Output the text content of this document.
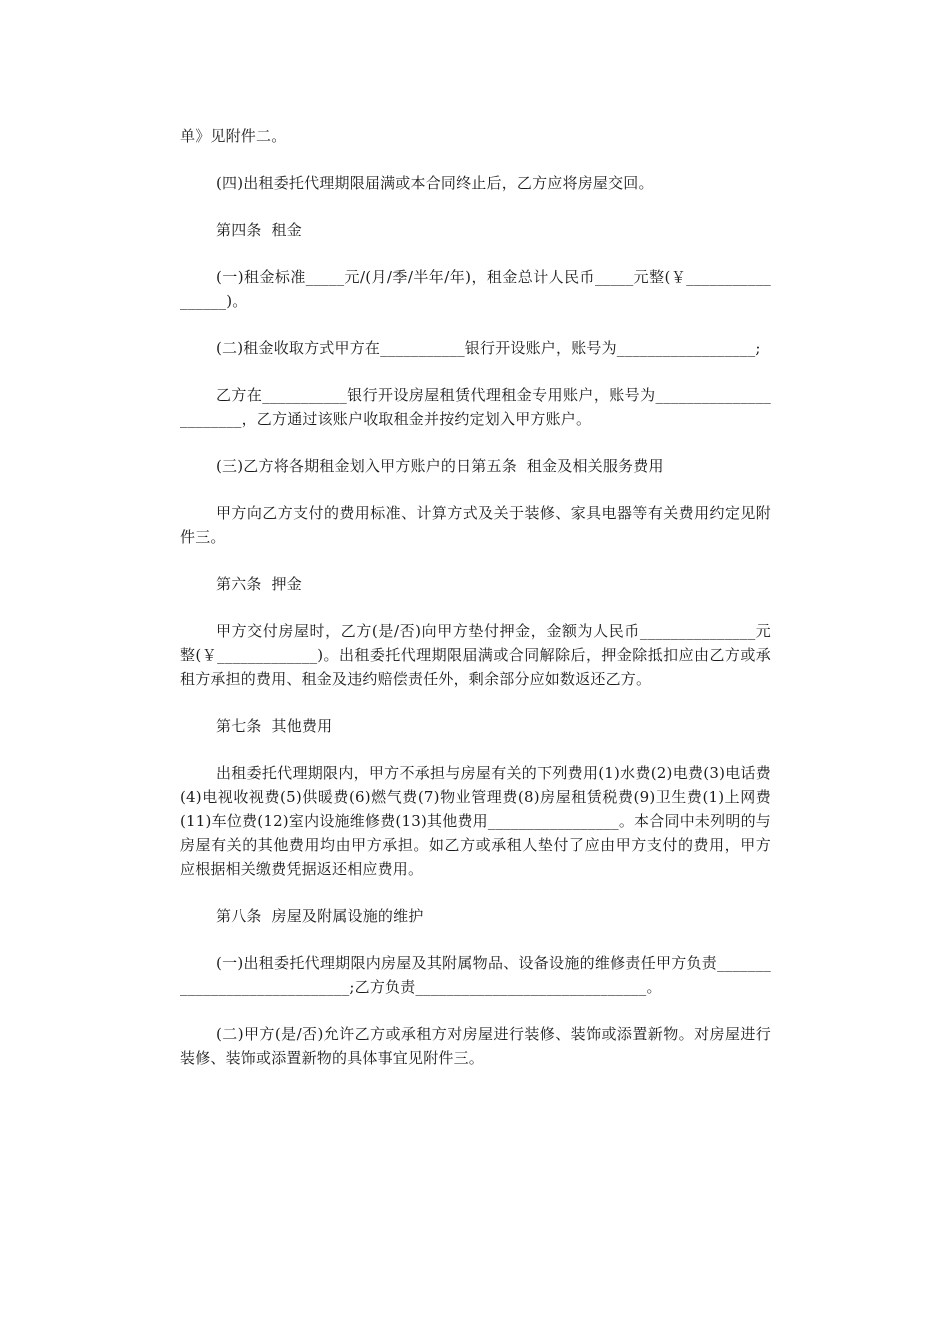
单》见附件二。

(四)出租委托代理期限届满或本合同终止后，乙方应将房屋交回。

第四条  租金

(一)租金标准_____元/(月/季/半年/年)，租金总计人民币_____元整(￥_________________)。

(二)租金收取方式甲方在___________银行开设账户，账号为__________________;

乙方在___________银行开设房屋租赁代理租金专用账户，账号为_______________________，乙方通过该账户收取租金并按约定划入甲方账户。

(三)乙方将各期租金划入甲方账户的日第五条  租金及相关服务费用

甲方向乙方支付的费用标准、计算方式及关于装修、家具电器等有关费用约定见附件三。

第六条  押金

甲方交付房屋时，乙方(是/否)向甲方垫付押金，金额为人民币_______________元整(￥_____________)。出租委托代理期限届满或合同解除后，押金除抵扣应由乙方或承租方承担的费用、租金及违约赔偿责任外，剩余部分应如数返还乙方。

第七条  其他费用

出租委托代理期限内，甲方不承担与房屋有关的下列费用(1)水费(2)电费(3)电话费(4)电视收视费(5)供暖费(6)燃气费(7)物业管理费(8)房屋租赁税费(9)卫生费(1)上网费(11)车位费(12)室内设施维修费(13)其他费用_________________。本合同中未列明的与房屋有关的其他费用均由甲方承担。如乙方或承租人垫付了应由甲方支付的费用，甲方应根据相关缴费凭据返还相应费用。

第八条  房屋及附属设施的维护

(一)出租委托代理期限内房屋及其附属物品、设备设施的维修责任甲方负责_____________________________;乙方负责______________________________。

(二)甲方(是/否)允许乙方或承租方对房屋进行装修、装饰或添置新物。对房屋进行装修、装饰或添置新物的具体事宜见附件三。
